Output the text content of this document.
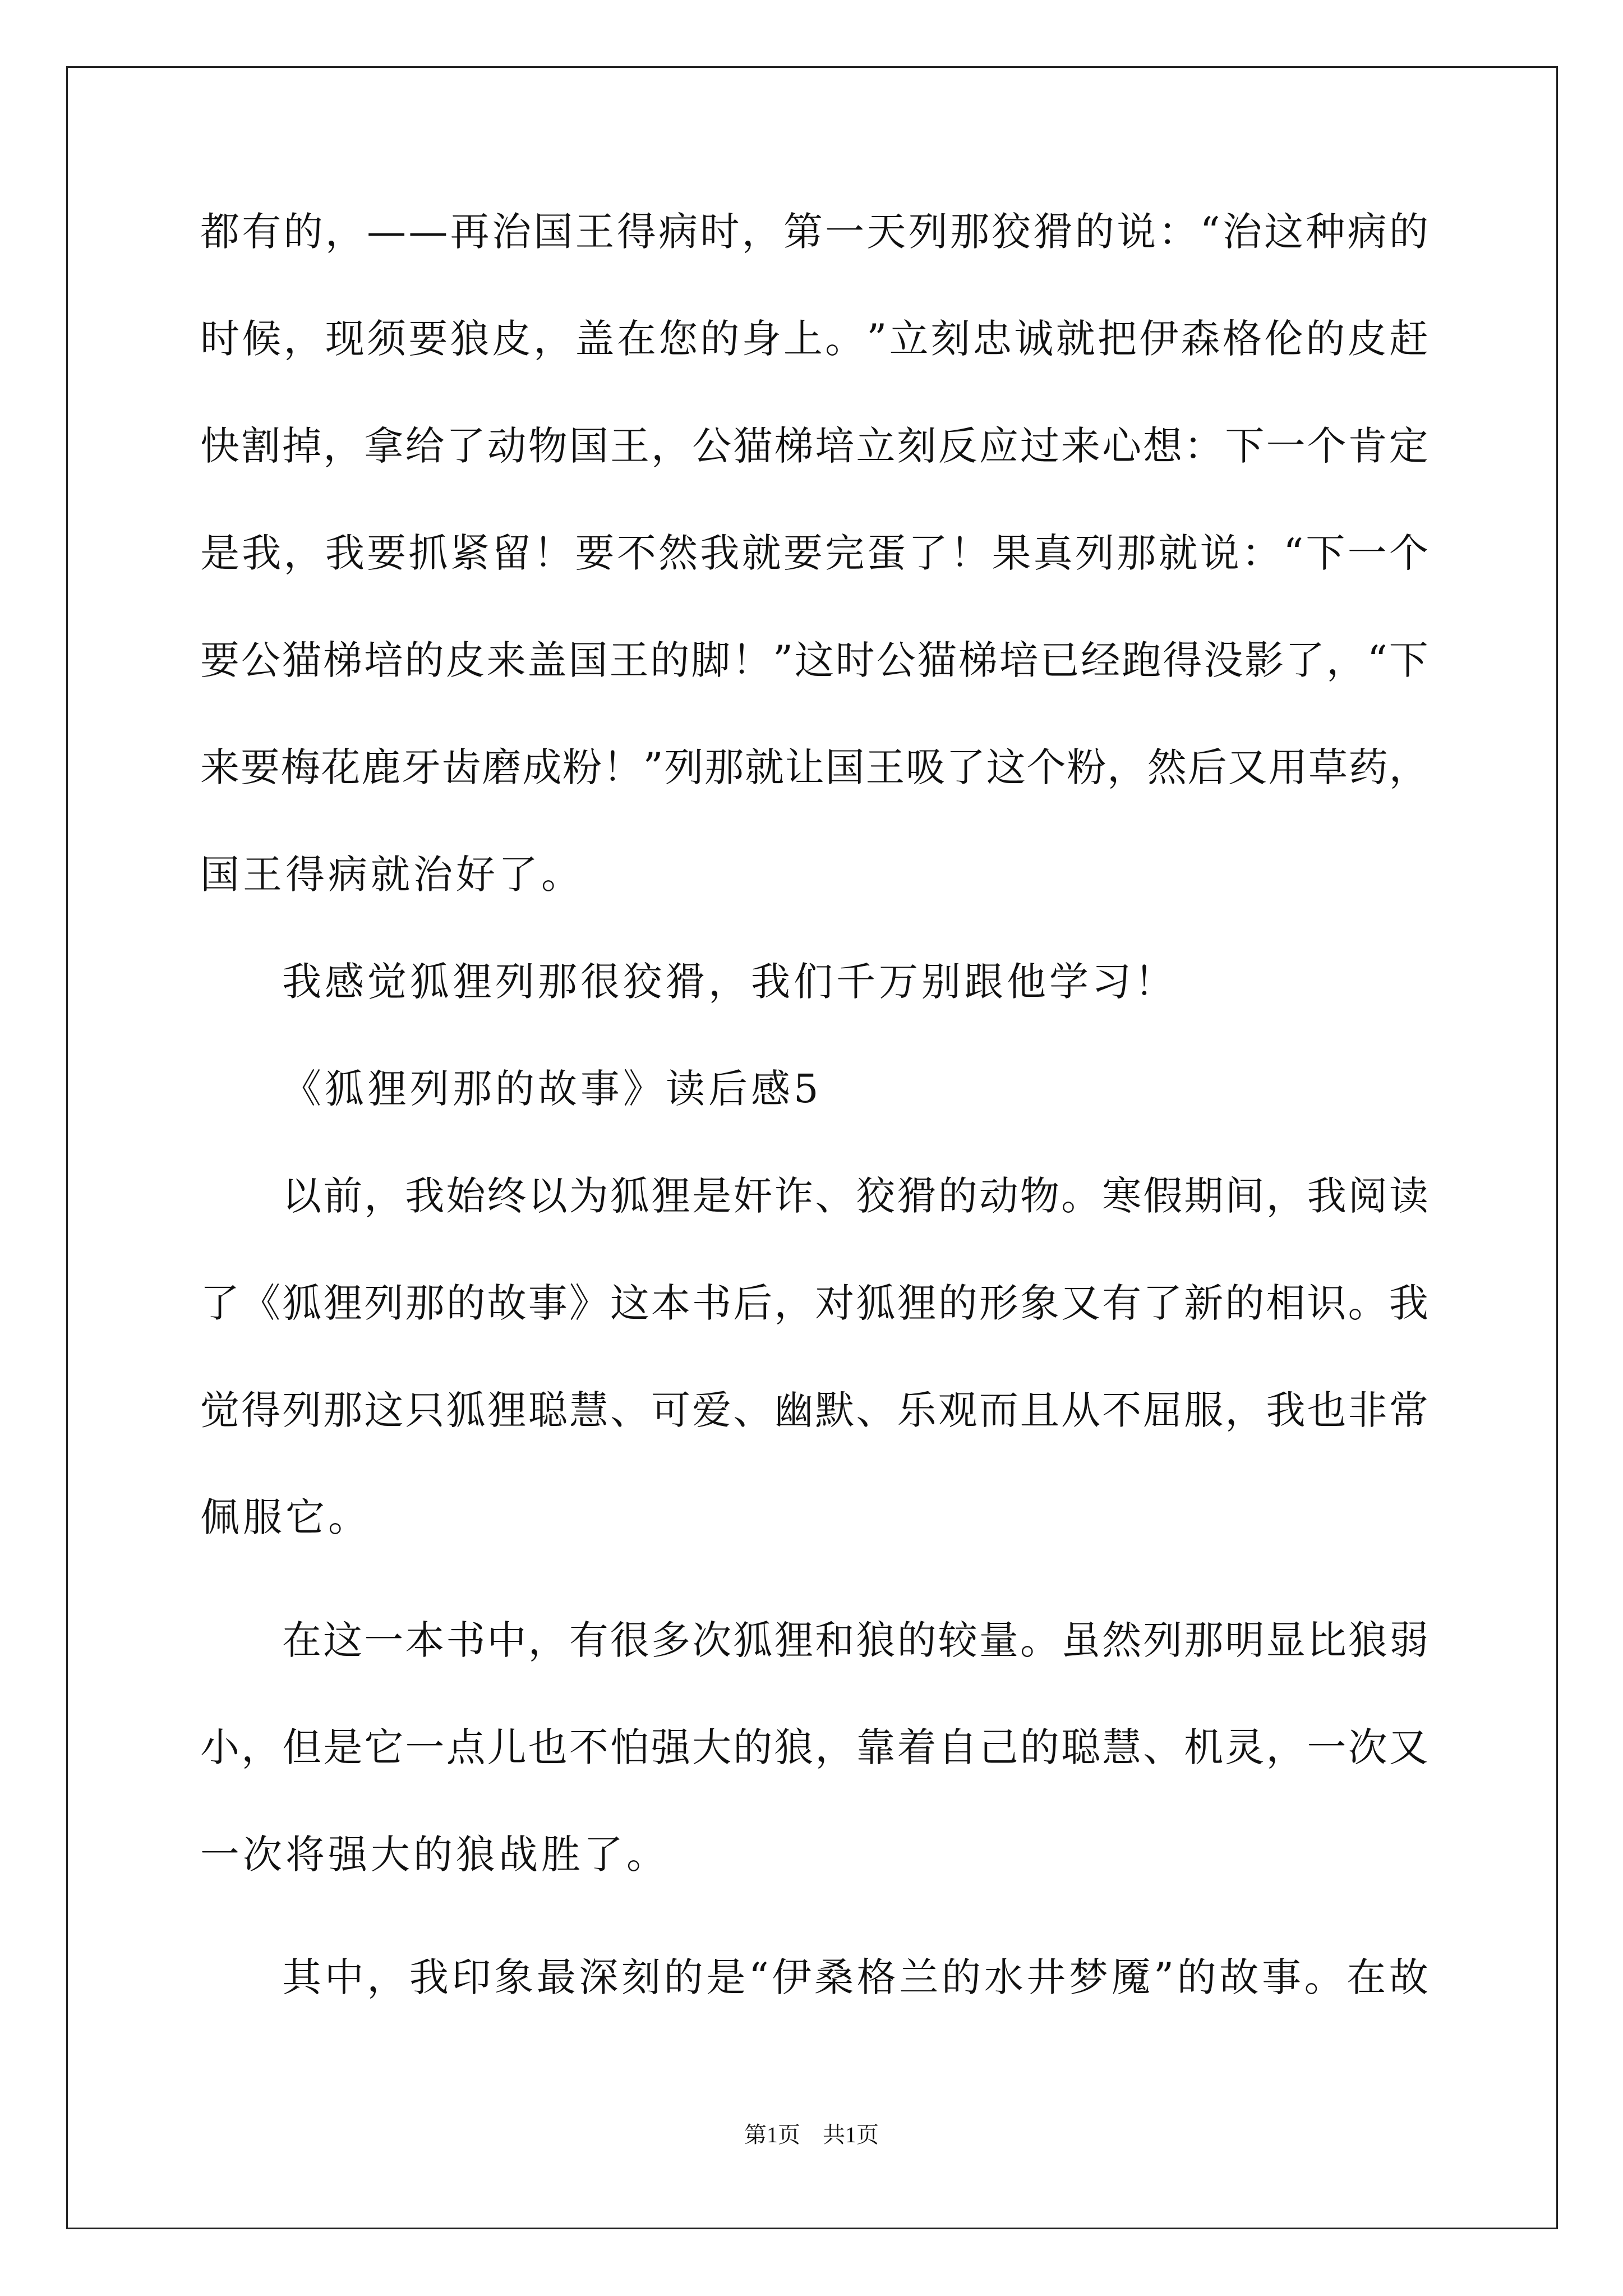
都 有 的 ， — — 再 治 国 王 得 病 时 ， 第 一 天 列 那 狡 猾 的 说 ： “ 治 这 种 病 的
时 候 ， 现 须 要 狼 皮 ， 盖 在 您 的 身 上 。 ” 立 刻 忠 诚 就 把 伊 森 格 伦 的 皮 赶
快 割 掉 ， 拿 给 了 动 物 国 王 ， 公 猫 梯 培 立 刻 反 应 过 来 心 想 ： 下 一 个 肯 定
是 我 ， 我 要 抓 紧 留 ！ 要 不 然 我 就 要 完 蛋 了 ！ 果 真 列 那 就 说 ： “ 下 一 个
要 公 猫 梯 培 的 皮 来 盖 国 王 的 脚 ！ ” 这 时 公 猫 梯 培 已 经 跑 得 没 影 了 ， “ 下
来 要 梅 花 鹿 牙 齿 磨 成 粉 ！ ” 列 那 就 让 国 王 吸 了 这 个 粉 ， 然 后 又 用 草 药 ，
国王得病就治好了。
我感觉狐狸列那很狡猾，我们千万别跟他学习！
《狐狸列那的故事》读后感5
以 前 ， 我 始 终 以 为 狐 狸 是 奸 诈 、 狡 猾 的 动 物 。 寒 假 期 间 ， 我 阅 读
了 《 狐 狸 列 那 的 故 事 》 这 本 书 后 ， 对 狐 狸 的 形 象 又 有 了 新 的 相 识 。 我
觉 得 列 那 这 只 狐 狸 聪 慧 、 可 爱 、 幽 默 、 乐 观 而 且 从 不 屈 服 ， 我 也 非 常
佩服它。
在 这 一 本 书 中 ， 有 很 多 次 狐 狸 和 狼 的 较 量 。 虽 然 列 那 明 显 比 狼 弱
小 ， 但 是 它 一 点 儿 也 不 怕 强 大 的 狼 ， 靠 着 自 己 的 聪 慧 、 机 灵 ， 一 次 又
一次将强大的狼战胜了。
其 中 ， 我 印 象 最 深 刻 的 是 “ 伊 桑 格 兰 的 水 井 梦 魇 ” 的 故 事 。 在 故
第1页　共1页
